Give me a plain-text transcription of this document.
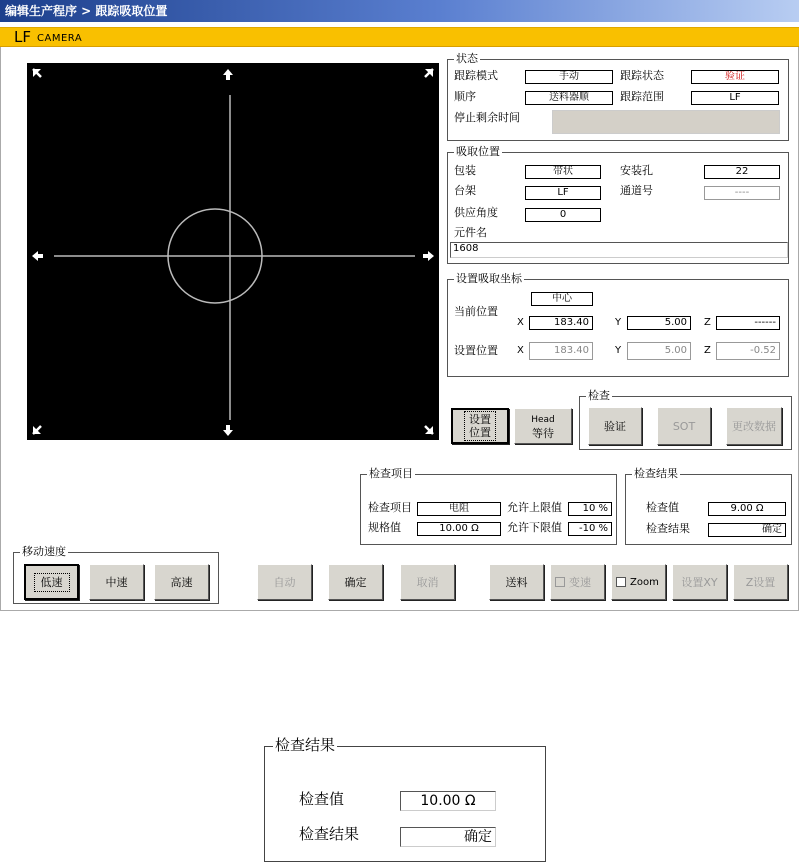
编辑生产程序 > 跟踪吸取位置
LF CAMERA
状态
跟踪模式	手动	跟踪状态	验证
顺序	送料器顺	跟踪范围	LF
停止剩余时间
吸取位置
包装	带状	安装孔	22
台架	LF	通道号	----
供应角度	0
元件名
1608
设置吸取坐标
中心
当前位置
X	183.40	Y	5.00	Z	------
设置位置 X	183.40	Y	5.00	Z	-0.52
设置
位置
Head
等待
检查
验证	SOT	更改数据
检查项目
检查项目	电阻	允许上限值	10 %
规格值	10.00 Ω	允许下限值	-10 %
检查结果
检查值	9.00 Ω
检查结果	确定
移动速度
低速	中速	高速	自动	确定	取消	送料	变速	Zoom	设置XY	Z设置
检查结果
检查值	10.00 Ω
检查结果	确定
